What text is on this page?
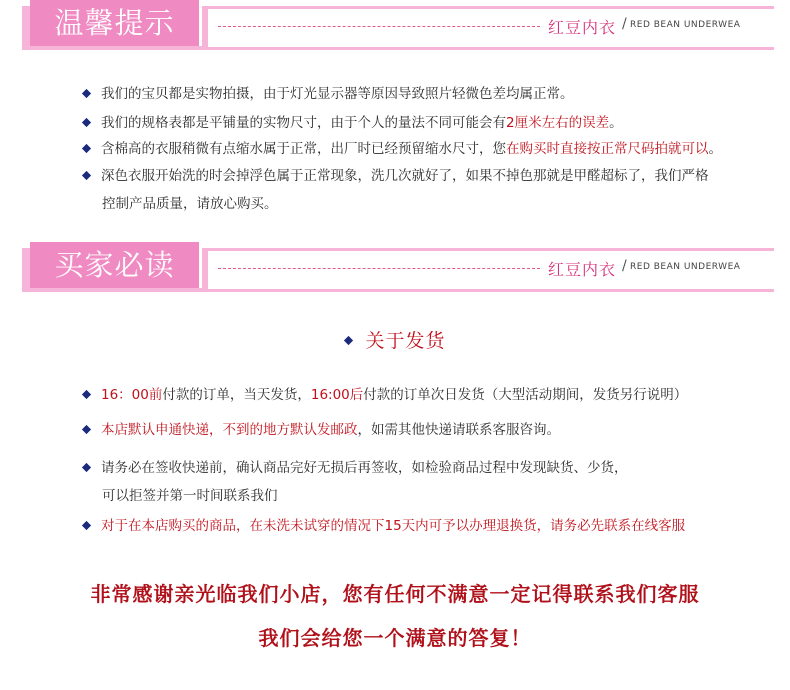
温馨提示	红豆内衣 / RED BEAN UNDERWEA
我们的宝贝都是实物拍摄，由于灯光显示器等原因导致照片轻微色差均属正常。
我们的规格表都是平铺量的实物尺寸，由于个人的量法不同可能会有2厘米左右的误差。
含棉高的衣服稍微有点缩水属于正常，出厂时已经预留缩水尺寸，您在购买时直接按正常尺码拍就可以。
深色衣服开始洗的时会掉浮色属于正常现象，洗几次就好了，如果不掉色那就是甲醛超标了，我们严格
控制产品质量，请放心购买。
买家必读	红豆内衣 / RED BEAN UNDERWEA
关于发货
16：00前付款的订单，当天发货，16:00后付款的订单次日发货（大型活动期间，发货另行说明）
本店默认申通快递，不到的地方默认发邮政，如需其他快递请联系客服咨询。
请务必在签收快递前，确认商品完好无损后再签收，如检验商品过程中发现缺货、少货，
可以拒签并第一时间联系我们
对于在本店购买的商品，在未洗未试穿的情况下15天内可予以办理退换货，请务必先联系在线客服
非常感谢亲光临我们小店，您有任何不满意一定记得联系我们客服
我们会给您一个满意的答复！
